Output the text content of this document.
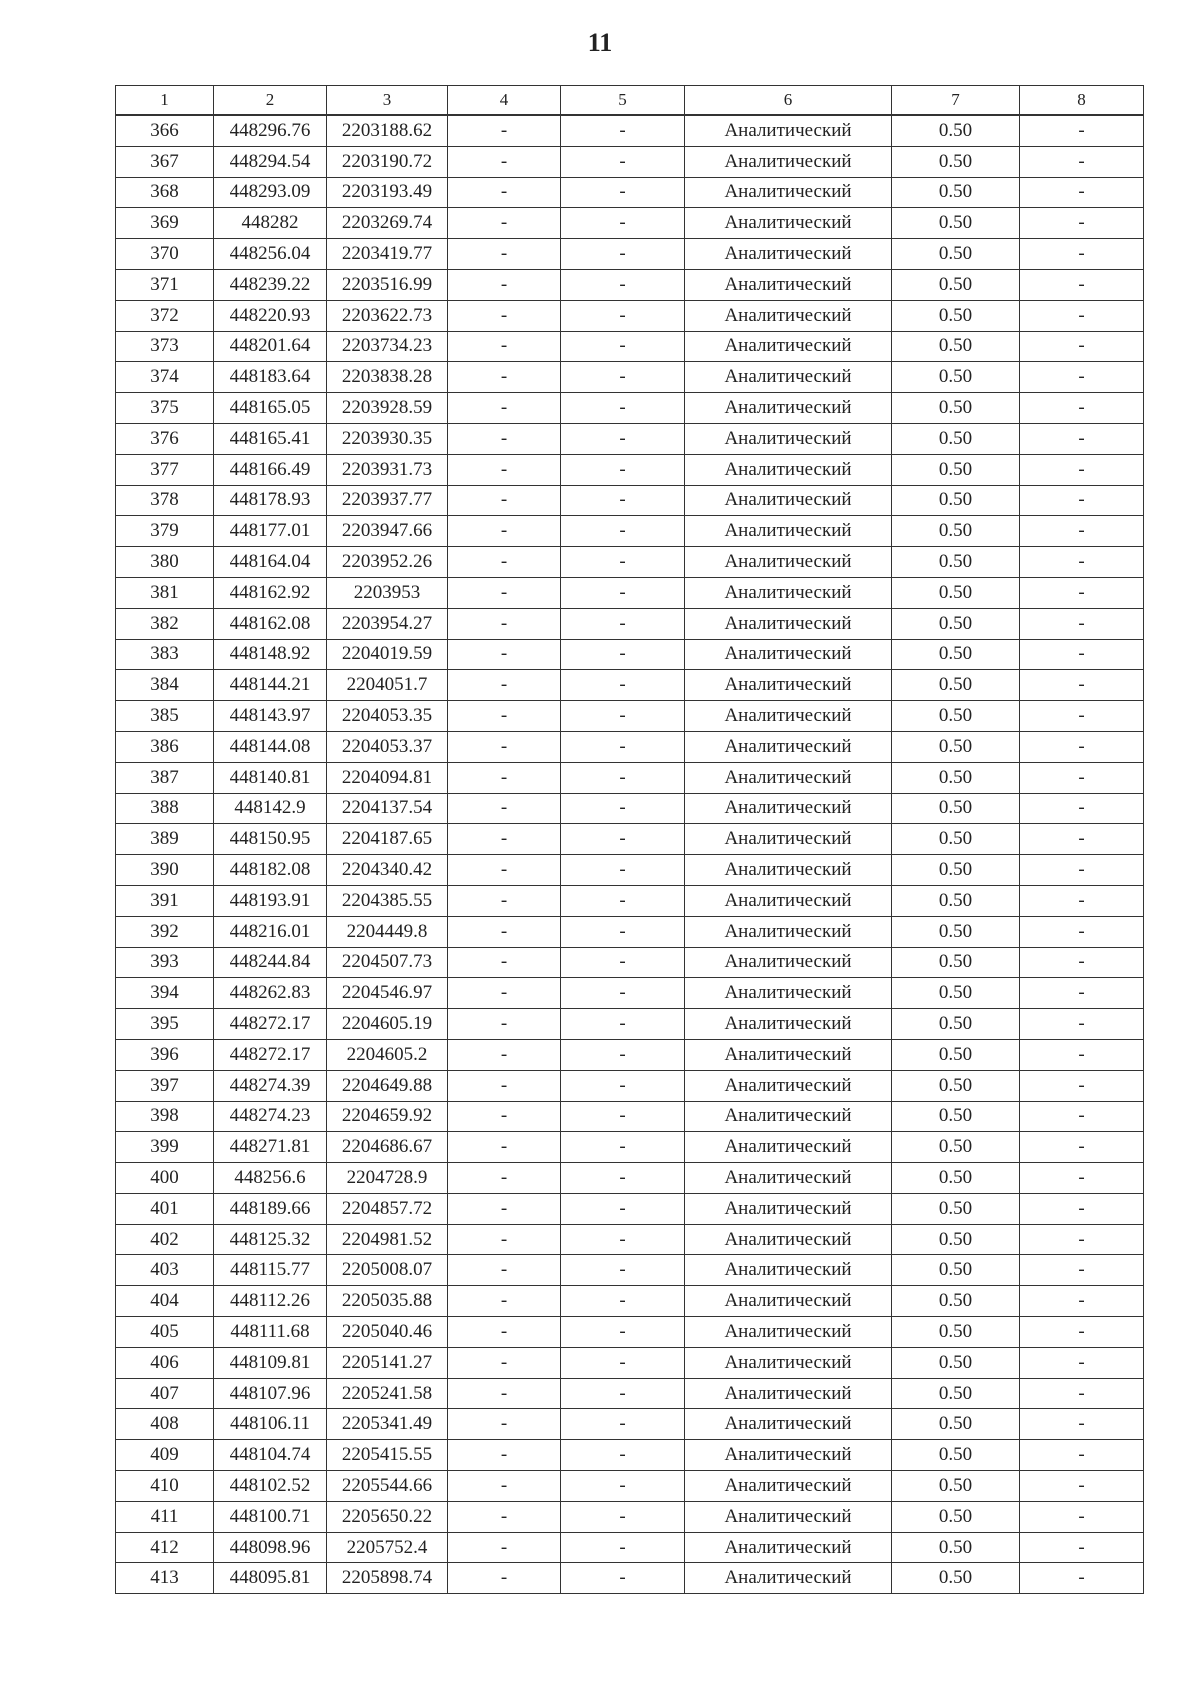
11
1	2	3	4	5	6	7	8
366	448296.76	2203188.62	-	-	Аналитический	0.50	-
367	448294.54	2203190.72	-	-	Аналитический	0.50	-
368	448293.09	2203193.49	-	-	Аналитический	0.50	-
369	448282	2203269.74	-	-	Аналитический	0.50	-
370	448256.04	2203419.77	-	-	Аналитический	0.50	-
371	448239.22	2203516.99	-	-	Аналитический	0.50	-
372	448220.93	2203622.73	-	-	Аналитический	0.50	-
373	448201.64	2203734.23	-	-	Аналитический	0.50	-
374	448183.64	2203838.28	-	-	Аналитический	0.50	-
375	448165.05	2203928.59	-	-	Аналитический	0.50	-
376	448165.41	2203930.35	-	-	Аналитический	0.50	-
377	448166.49	2203931.73	-	-	Аналитический	0.50	-
378	448178.93	2203937.77	-	-	Аналитический	0.50	-
379	448177.01	2203947.66	-	-	Аналитический	0.50	-
380	448164.04	2203952.26	-	-	Аналитический	0.50	-
381	448162.92	2203953	-	-	Аналитический	0.50	-
382	448162.08	2203954.27	-	-	Аналитический	0.50	-
383	448148.92	2204019.59	-	-	Аналитический	0.50	-
384	448144.21	2204051.7	-	-	Аналитический	0.50	-
385	448143.97	2204053.35	-	-	Аналитический	0.50	-
386	448144.08	2204053.37	-	-	Аналитический	0.50	-
387	448140.81	2204094.81	-	-	Аналитический	0.50	-
388	448142.9	2204137.54	-	-	Аналитический	0.50	-
389	448150.95	2204187.65	-	-	Аналитический	0.50	-
390	448182.08	2204340.42	-	-	Аналитический	0.50	-
391	448193.91	2204385.55	-	-	Аналитический	0.50	-
392	448216.01	2204449.8	-	-	Аналитический	0.50	-
393	448244.84	2204507.73	-	-	Аналитический	0.50	-
394	448262.83	2204546.97	-	-	Аналитический	0.50	-
395	448272.17	2204605.19	-	-	Аналитический	0.50	-
396	448272.17	2204605.2	-	-	Аналитический	0.50	-
397	448274.39	2204649.88	-	-	Аналитический	0.50	-
398	448274.23	2204659.92	-	-	Аналитический	0.50	-
399	448271.81	2204686.67	-	-	Аналитический	0.50	-
400	448256.6	2204728.9	-	-	Аналитический	0.50	-
401	448189.66	2204857.72	-	-	Аналитический	0.50	-
402	448125.32	2204981.52	-	-	Аналитический	0.50	-
403	448115.77	2205008.07	-	-	Аналитический	0.50	-
404	448112.26	2205035.88	-	-	Аналитический	0.50	-
405	448111.68	2205040.46	-	-	Аналитический	0.50	-
406	448109.81	2205141.27	-	-	Аналитический	0.50	-
407	448107.96	2205241.58	-	-	Аналитический	0.50	-
408	448106.11	2205341.49	-	-	Аналитический	0.50	-
409	448104.74	2205415.55	-	-	Аналитический	0.50	-
410	448102.52	2205544.66	-	-	Аналитический	0.50	-
411	448100.71	2205650.22	-	-	Аналитический	0.50	-
412	448098.96	2205752.4	-	-	Аналитический	0.50	-
413	448095.81	2205898.74	-	-	Аналитический	0.50	-
